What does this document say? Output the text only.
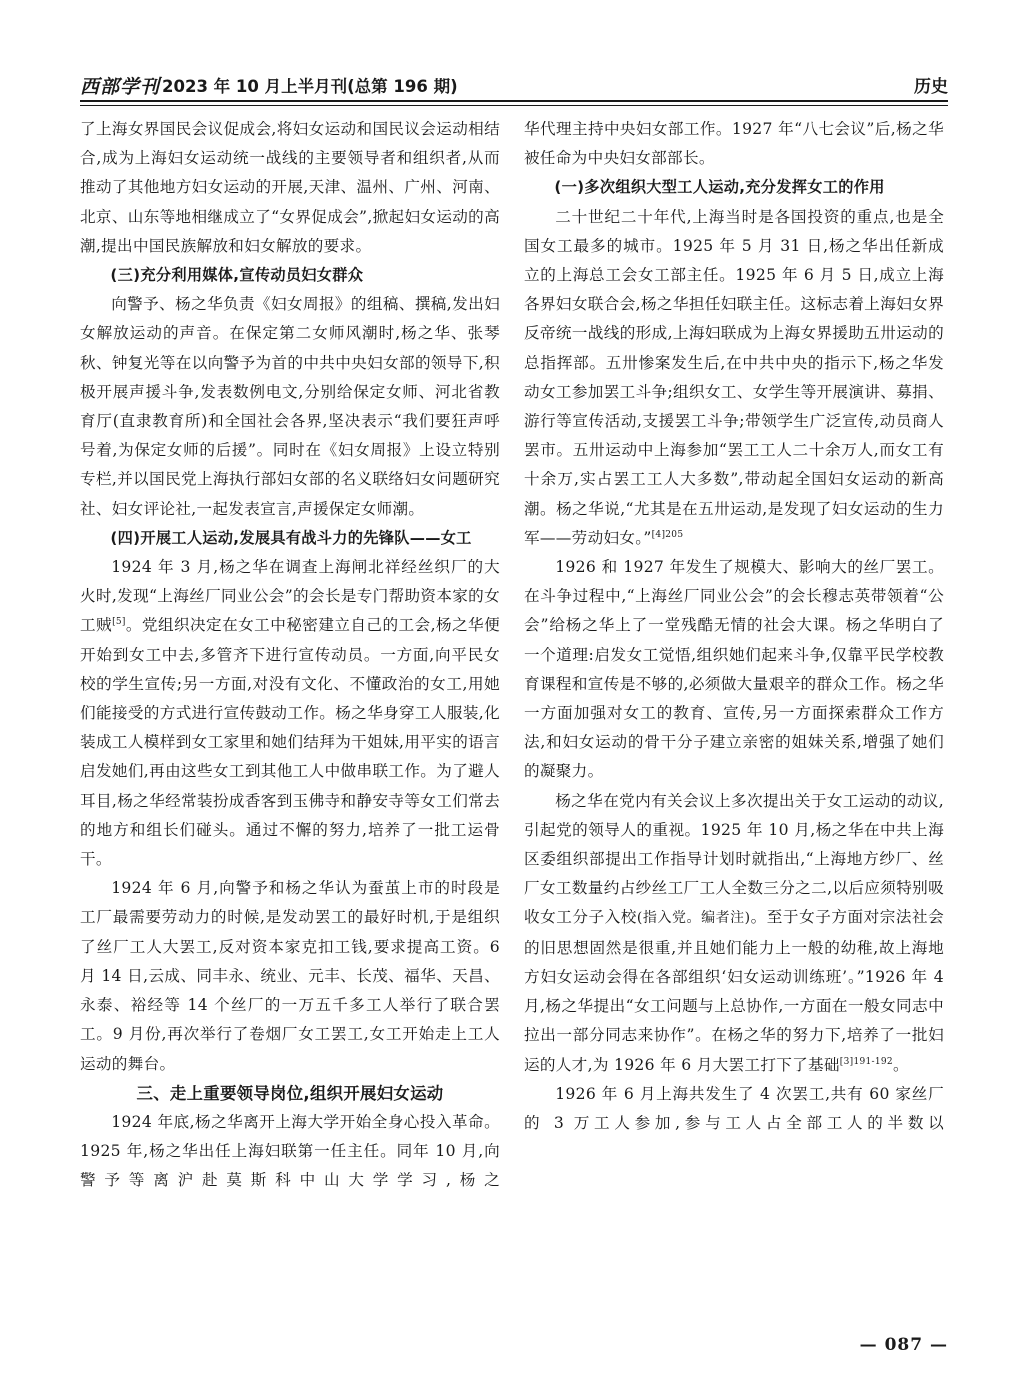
西部学刊 2023 年 10 月上半月刊(总第 196 期)	历史

了上海女界国民会议促成会,将妇女运动和国民议会运动相结合,成为上海妇女运动统一战线的主要领导者和组织者,从而推动了其他地方妇女运动的开展,天津、温州、广州、河南、北京、山东等地相继成立了“女界促成会”,掀起妇女运动的高潮,提出中国民族解放和妇女解放的要求。

(三)充分利用媒体,宣传动员妇女群众

向警予、杨之华负责《妇女周报》的组稿、撰稿,发出妇女解放运动的声音。在保定第二女师风潮时,杨之华、张琴秋、钟复光等在以向警予为首的中共中央妇女部的领导下,积极开展声援斗争,发表数例电文,分别给保定女师、河北省教育厅(直隶教育所)和全国社会各界,坚决表示“我们要狂声呼号着,为保定女师的后援”。同时在《妇女周报》上设立特别专栏,并以国民党上海执行部妇女部的名义联络妇女问题研究社、妇女评论社,一起发表宣言,声援保定女师潮。

(四)开展工人运动,发展具有战斗力的先锋队——女工

1924 年 3 月,杨之华在调查上海闸北祥经丝织厂的大火时,发现“上海丝厂同业公会”的会长是专门帮助资本家的女工贼[5]。党组织决定在女工中秘密建立自己的工会,杨之华便开始到女工中去,多管齐下进行宣传动员。一方面,向平民女校的学生宣传;另一方面,对没有文化、不懂政治的女工,用她们能接受的方式进行宣传鼓动工作。杨之华身穿工人服装,化装成工人模样到女工家里和她们结拜为干姐妹,用平实的语言启发她们,再由这些女工到其他工人中做串联工作。为了避人耳目,杨之华经常装扮成香客到玉佛寺和静安寺等女工们常去的地方和组长们碰头。通过不懈的努力,培养了一批工运骨干。

1924 年 6 月,向警予和杨之华认为蚕茧上市的时段是工厂最需要劳动力的时候,是发动罢工的最好时机,于是组织了丝厂工人大罢工,反对资本家克扣工钱,要求提高工资。6 月 14 日,云成、同丰永、统业、元丰、长茂、福华、天昌、永泰、裕经等 14 个丝厂的一万五千多工人举行了联合罢工。9 月份,再次举行了卷烟厂女工罢工,女工开始走上工人运动的舞台。

三、走上重要领导岗位,组织开展妇女运动

1924 年底,杨之华离开上海大学开始全身心投入革命。1925 年,杨之华出任上海妇联第一任主任。同年 10 月,向警予等离沪赴莫斯科中山大学学习,杨之

华代理主持中央妇女部工作。1927 年“八七会议”后,杨之华被任命为中央妇女部部长。

(一)多次组织大型工人运动,充分发挥女工的作用

二十世纪二十年代,上海当时是各国投资的重点,也是全国女工最多的城市。1925 年 5 月 31 日,杨之华出任新成立的上海总工会女工部主任。1925 年 6 月 5 日,成立上海各界妇女联合会,杨之华担任妇联主任。这标志着上海妇女界反帝统一战线的形成,上海妇联成为上海女界援助五卅运动的总指挥部。五卅惨案发生后,在中共中央的指示下,杨之华发动女工参加罢工斗争;组织女工、女学生等开展演讲、募捐、游行等宣传活动,支援罢工斗争;带领学生广泛宣传,动员商人罢市。五卅运动中上海参加“罢工工人二十余万人,而女工有十余万,实占罢工工人大多数”,带动起全国妇女运动的新高潮。杨之华说,“尤其是在五卅运动,是发现了妇女运动的生力军——劳动妇女。”$^{[4]205}$

1926 和 1927 年发生了规模大、影响大的丝厂罢工。在斗争过程中,“上海丝厂同业公会”的会长穆志英带领着“公会”给杨之华上了一堂残酷无情的社会大课。杨之华明白了一个道理:启发女工觉悟,组织她们起来斗争,仅靠平民学校教育课程和宣传是不够的,必须做大量艰辛的群众工作。杨之华一方面加强对女工的教育、宣传,另一方面探索群众工作方法,和妇女运动的骨干分子建立亲密的姐妹关系,增强了她们的凝聚力。

杨之华在党内有关会议上多次提出关于女工运动的动议,引起党的领导人的重视。1925 年 10 月,杨之华在中共上海区委组织部提出工作指导计划时就指出,“上海地方纱厂、丝厂女工数量约占纱丝工厂工人全数三分之二,以后应须特别吸收女工分子入校(指入党。编者注)。至于女子方面对宗法社会的旧思想固然是很重,并且她们能力上一般的幼稚,故上海地方妇女运动会得在各部组织‘妇女运动训练班’。”1926 年 4 月,杨之华提出“女工问题与上总协作,一方面在一般女同志中拉出一部分同志来协作”。在杨之华的努力下,培养了一批妇运的人才,为 1926 年 6 月大罢工打下了基础$^{[3]191-192}$。

1926 年 6 月上海共发生了 4 次罢工,共有 60 家丝厂的 3 万工人参加,参与工人占全部工人的半数以

— 087 —
